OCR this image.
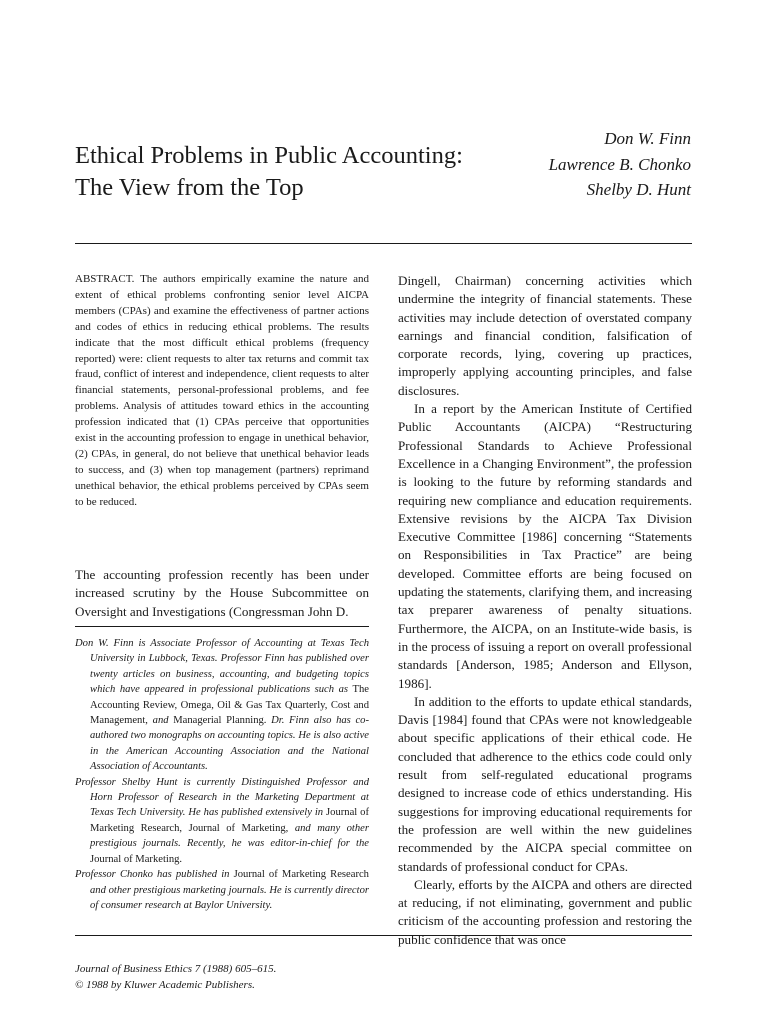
Ethical Problems in Public Accounting:
The View from the Top
Don W. Finn
Lawrence B. Chonko
Shelby D. Hunt

ABSTRACT. The authors empirically examine the nature and extent of ethical problems confronting senior level AICPA members (CPAs) and examine the effectiveness of partner actions and codes of ethics in reducing ethical problems. The results indicate that the most difficult ethical problems (frequency reported) were: client requests to alter tax returns and commit tax fraud, conflict of interest and independence, client requests to alter financial statements, personal-professional problems, and fee problems. Analysis of attitudes toward ethics in the accounting profession indicated that (1) CPAs perceive that opportunities exist in the accounting profession to engage in unethical behavior, (2) CPAs, in general, do not believe that unethical behavior leads to success, and (3) when top management (partners) reprimand unethical behavior, the ethical problems perceived by CPAs seem to be reduced.

The accounting profession recently has been under increased scrutiny by the House Subcommittee on Oversight and Investigations (Congressman John D.

Don W. Finn is Associate Professor of Accounting at Texas Tech University in Lubbock, Texas. Professor Finn has published over twenty articles on business, accounting, and budgeting topics which have appeared in professional publications such as The Accounting Review, Omega, Oil & Gas Tax Quarterly, Cost and Management, and Managerial Planning. Dr. Finn also has co-authored two monographs on accounting topics. He is also active in the American Accounting Association and the National Association of Accountants.

Professor Shelby Hunt is currently Distinguished Professor and Horn Professor of Research in the Marketing Department at Texas Tech University. He has published extensively in Journal of Marketing Research, Journal of Marketing, and many other prestigious journals. Recently, he was editor-in-chief for the Journal of Marketing.

Professor Chonko has published in Journal of Marketing Research and other prestigious marketing journals. He is currently director of consumer research at Baylor University.

Dingell, Chairman) concerning activities which undermine the integrity of financial statements. These activities may include detection of overstated company earnings and financial condition, falsification of corporate records, lying, covering up practices, improperly applying accounting principles, and false disclosures.

In a report by the American Institute of Certified Public Accountants (AICPA) “Restructuring Professional Standards to Achieve Professional Excellence in a Changing Environment”, the profession is looking to the future by reforming standards and requiring new compliance and education requirements. Extensive revisions by the AICPA Tax Division Executive Committee [1986] concerning “Statements on Responsibilities in Tax Practice” are being developed. Committee efforts are being focused on updating the statements, clarifying them, and increasing tax preparer awareness of penalty situations. Furthermore, the AICPA, on an Institute-wide basis, is in the process of issuing a report on overall professional standards [Anderson, 1985; Anderson and Ellyson, 1986].

In addition to the efforts to update ethical standards, Davis [1984] found that CPAs were not knowledgeable about specific applications of their ethical code. He concluded that adherence to the ethics code could only result from self-regulated educational programs designed to increase code of ethics understanding. His suggestions for improving educational requirements for the profession are well within the new guidelines recommended by the AICPA special committee on standards of professional conduct for CPAs.

Clearly, efforts by the AICPA and others are directed at reducing, if not eliminating, government and public criticism of the accounting profession and restoring the public confidence that was once

Journal of Business Ethics 7 (1988) 605–615.
© 1988 by Kluwer Academic Publishers.
